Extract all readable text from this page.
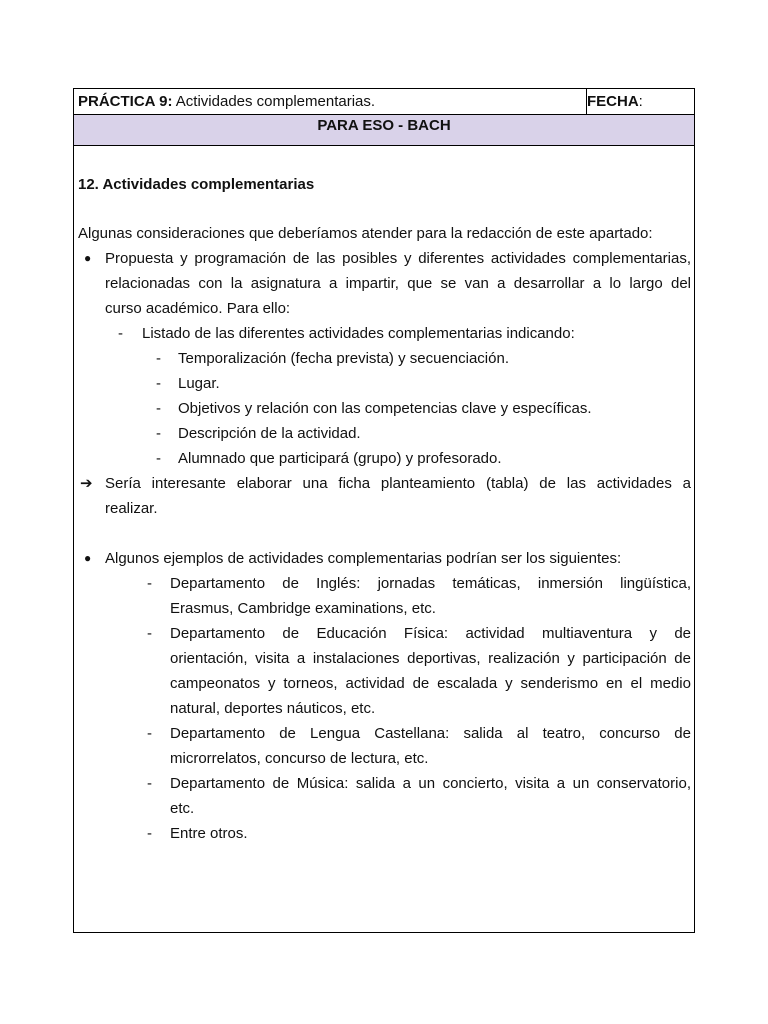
PRÁCTICA 9: Actividades complementarias.	FECHA:
PARA ESO - BACH
12. Actividades complementarias
Algunas consideraciones que deberíamos atender para la redacción de este apartado:
● Propuesta y programación de las posibles y diferentes actividades complementarias,
relacionadas con la asignatura a impartir, que se van a desarrollar a lo largo del
curso académico. Para ello:
- Listado de las diferentes actividades complementarias indicando:
- Temporalización (fecha prevista) y secuenciación.
- Lugar.
- Objetivos y relación con las competencias clave y específicas.
- Descripción de la actividad.
- Alumnado que participará (grupo) y profesorado.
➔ Sería interesante elaborar una ficha planteamiento (tabla) de las actividades a
realizar.
● Algunos ejemplos de actividades complementarias podrían ser los siguientes:
- Departamento de Inglés: jornadas temáticas, inmersión lingüística,
Erasmus, Cambridge examinations, etc.
- Departamento de Educación Física: actividad multiaventura y de
orientación, visita a instalaciones deportivas, realización y participación de
campeonatos y torneos, actividad de escalada y senderismo en el medio
natural, deportes náuticos, etc.
- Departamento de Lengua Castellana: salida al teatro, concurso de
microrrelatos, concurso de lectura, etc.
- Departamento de Música: salida a un concierto, visita a un conservatorio,
etc.
- Entre otros.
